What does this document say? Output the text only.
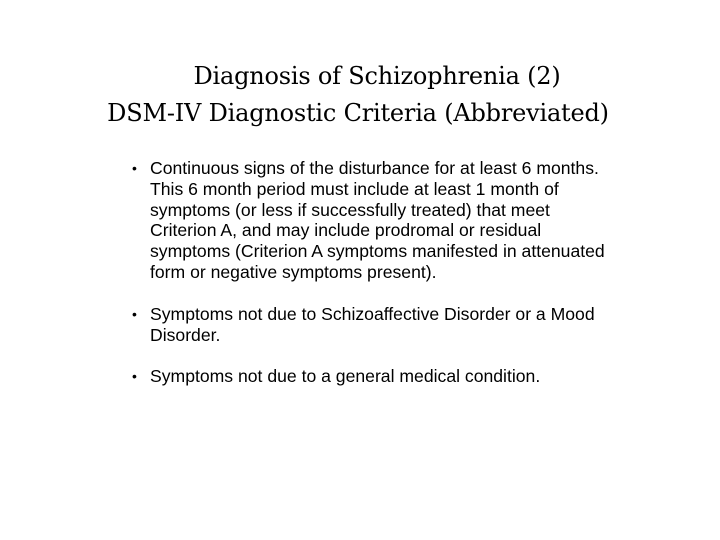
Diagnosis of Schizophrenia (2)
DSM-IV Diagnostic Criteria (Abbreviated)
• Continuous signs of the disturbance for at least 6 months.
This 6 month period must include at least 1 month of
symptoms (or less if successfully treated) that meet
Criterion A, and may include prodromal or residual
symptoms (Criterion A symptoms manifested in attenuated
form or negative symptoms present).
• Symptoms not due to Schizoaffective Disorder or a Mood
Disorder.
• Symptoms not due to a general medical condition.
